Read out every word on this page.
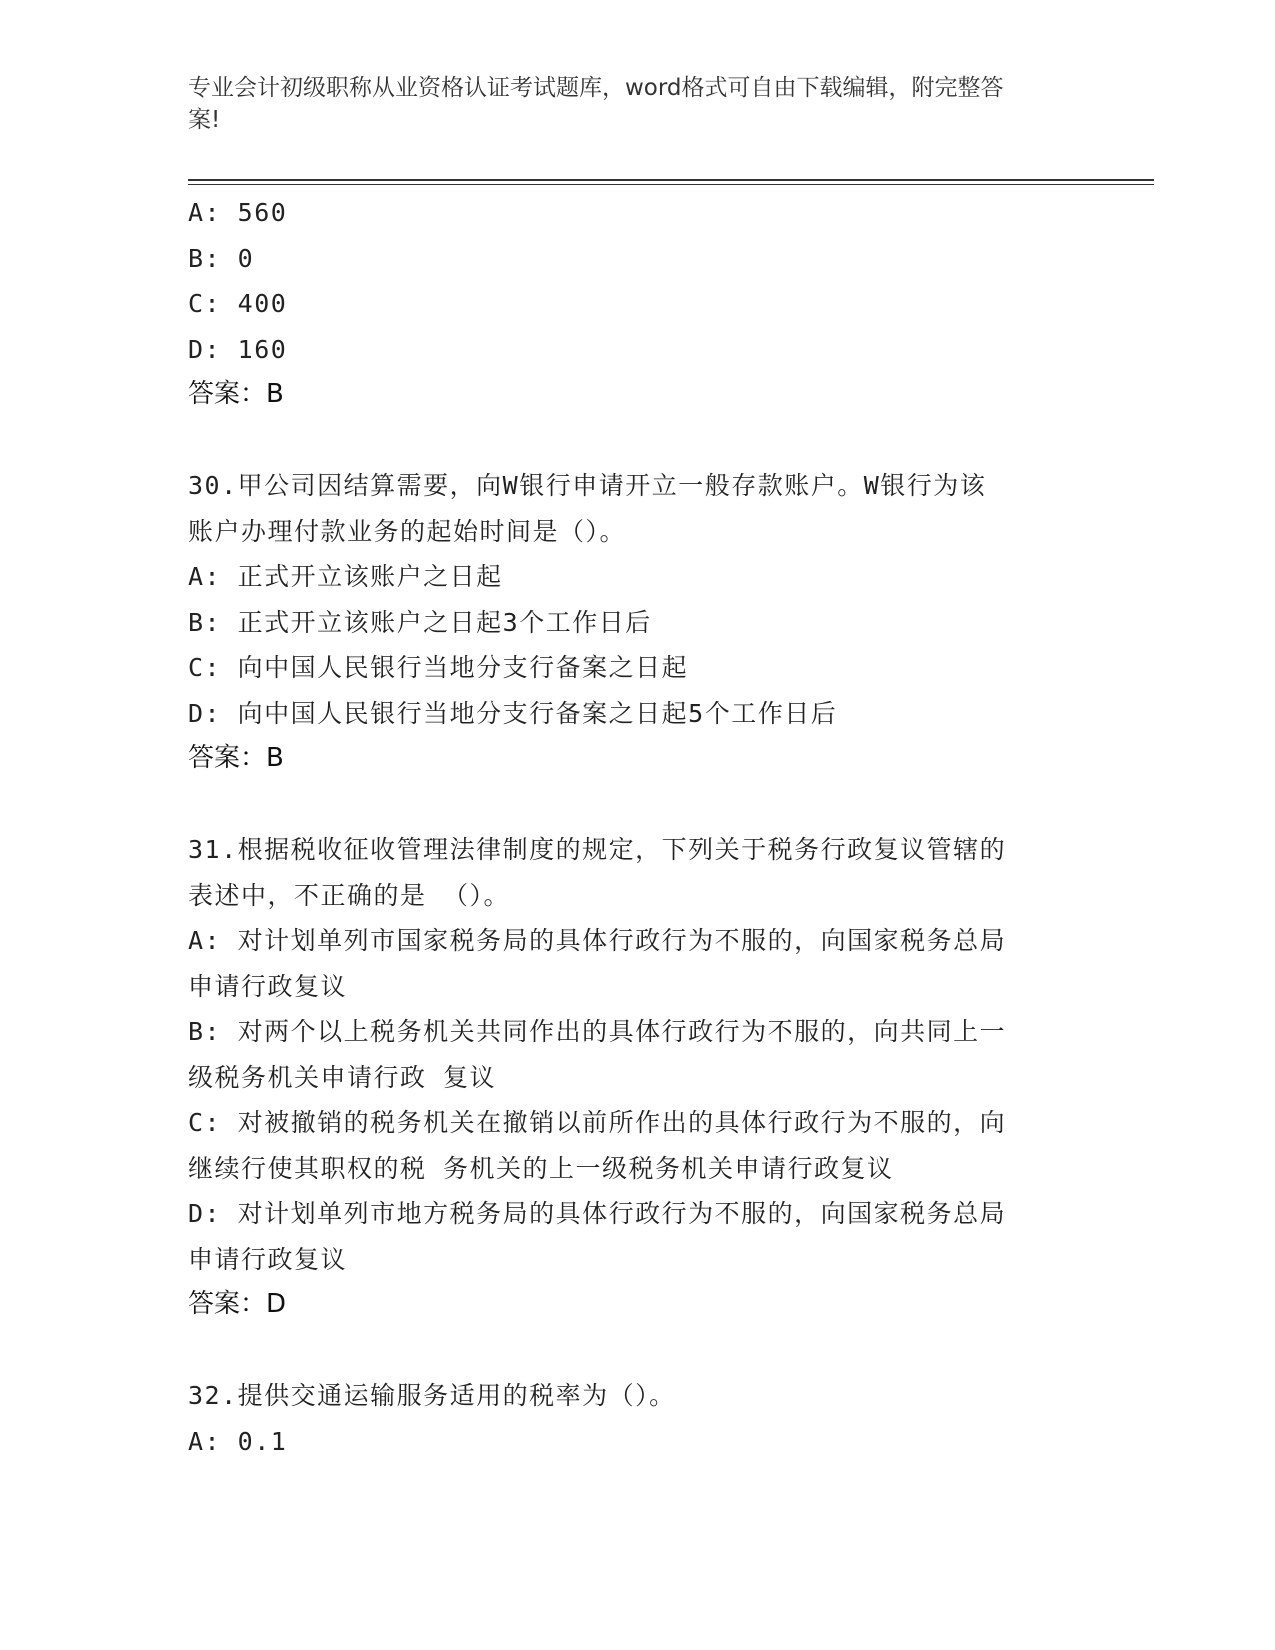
专业会计初级职称从业资格认证考试题库，word格式可自由下载编辑，附完整答
案!
A: 560
B: 0
C: 400
D: 160
答案：B
30.甲公司因结算需要，向W银行申请开立一般存款账户。W银行为该
账户办理付款业务的起始时间是（）。
A: 正式开立该账户之日起
B: 正式开立该账户之日起3个工作日后
C: 向中国人民银行当地分支行备案之日起
D: 向中国人民银行当地分支行备案之日起5个工作日后
答案：B
31.根据税收征收管理法律制度的规定，下列关于税务行政复议管辖的
表述中，不正确的是 （）。
A: 对计划单列市国家税务局的具体行政行为不服的，向国家税务总局
申请行政复议
B: 对两个以上税务机关共同作出的具体行政行为不服的，向共同上一
级税务机关申请行政 复议
C: 对被撤销的税务机关在撤销以前所作出的具体行政行为不服的，向
继续行使其职权的税 务机关的上一级税务机关申请行政复议
D: 对计划单列市地方税务局的具体行政行为不服的，向国家税务总局
申请行政复议
答案：D
32.提供交通运输服务适用的税率为（）。
A: 0.1
